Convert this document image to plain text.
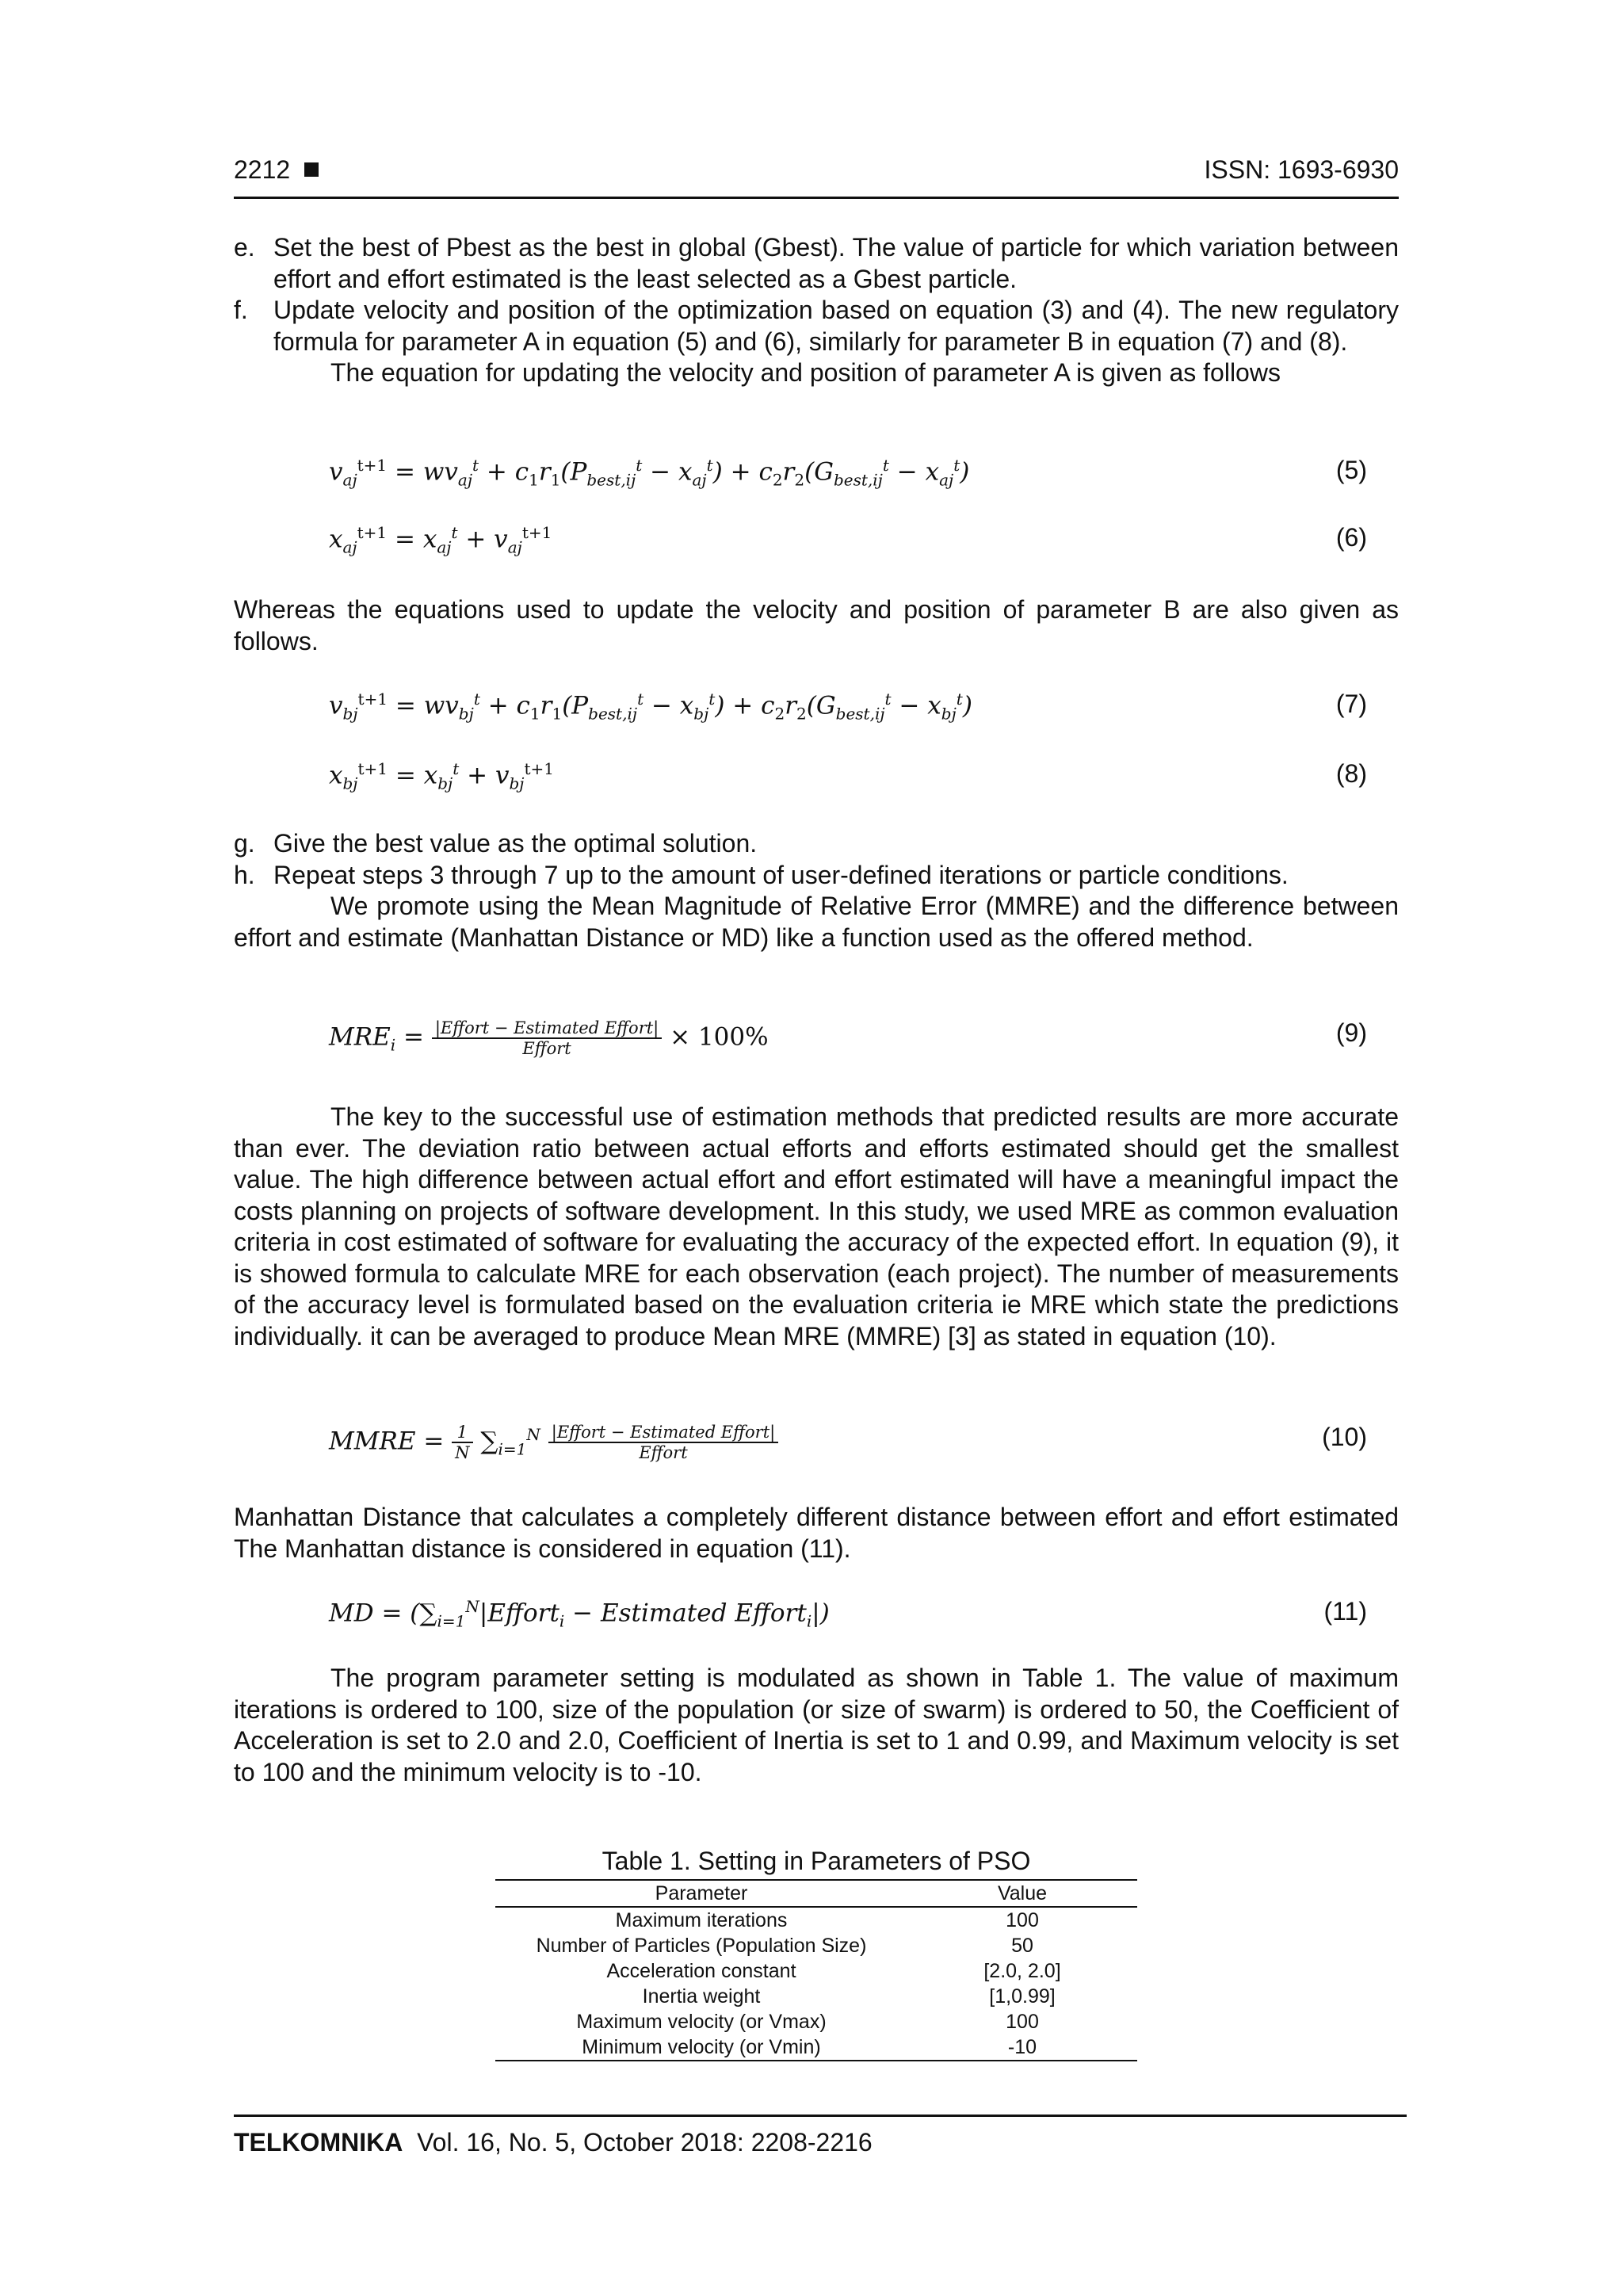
2212	ISSN: 1693-6930
e. Set the best of Pbest as the best in global (Gbest). The value of particle for which variation between effort and effort estimated is the least selected as a Gbest particle.
f. Update velocity and position of the optimization based on equation (3) and (4). The new regulatory formula for parameter A in equation (5) and (6), similarly for parameter B in equation (7) and (8).
The equation for updating the velocity and position of parameter A is given as follows
$v_{aj}^{t+1} = wv_{aj}^t + c_1r_1(P_{best,ij}^t - x_{aj}^t) + c_2r_2(G_{best,ij}^t - x_{aj}^t)$	(5)
$x_{aj}^{t+1} = x_{aj}^t + v_{aj}^{t+1}$	(6)
Whereas the equations used to update the velocity and position of parameter B are also given as follows.
$v_{bj}^{t+1} = wv_{bj}^t + c_1r_1(P_{best,ij}^t - x_{bj}^t) + c_2r_2(G_{best,ij}^t - x_{bj}^t)$	(7)
$x_{bj}^{t+1} = x_{bj}^t + v_{bj}^{t+1}$	(8)
g. Give the best value as the optimal solution.
h. Repeat steps 3 through 7 up to the amount of user-defined iterations or particle conditions.
We promote using the Mean Magnitude of Relative Error (MMRE) and the difference between effort and estimate (Manhattan Distance or MD) like a function used as the offered method.
$MRE_i = \frac{\text{|Effort − Estimated Effort|}}{\text{Effort}} \times 100\%$	(9)
The key to the successful use of estimation methods that predicted results are more accurate than ever. The deviation ratio between actual efforts and efforts estimated should get the smallest value. The high difference between actual effort and effort estimated will have a meaningful impact the costs planning on projects of software development. In this study, we used MRE as common evaluation criteria in cost estimated of software for evaluating the accuracy of the expected effort. In equation (9), it is showed formula to calculate MRE for each observation (each project). The number of measurements of the accuracy level is formulated based on the evaluation criteria ie MRE which state the predictions individually. it can be averaged to produce Mean MRE (MMRE) [3] as stated in equation (10).
MMRE = $\frac{1}{N} \sum_{i=1}^N \frac{\text{|Effort − Estimated Effort|}}{\text{Effort}}$	(10)
Manhattan Distance that calculates a completely different distance between effort and effort estimated The Manhattan distance is considered in equation (11).
MD = ($\sum_{i=1}^N|Effort_i$ − Estimated Effort$_i$|)	(11)
The program parameter setting is modulated as shown in Table 1. The value of maximum iterations is ordered to 100, size of the population (or size of swarm) is ordered to 50, the Coefficient of Acceleration is set to 2.0 and 2.0, Coefficient of Inertia is set to 1 and 0.99, and Maximum velocity is set to 100 and the minimum velocity is to -10.
Table 1. Setting in Parameters of PSO
Parameter	Value
Maximum iterations	100
Number of Particles (Population Size)	50
Acceleration constant	[2.0, 2.0]
Inertia weight	[1,0.99]
Maximum velocity (or Vmax)	100
Minimum velocity (or Vmin)	-10
TELKOMNIKA Vol. 16, No. 5, October 2018: 2208-2216
